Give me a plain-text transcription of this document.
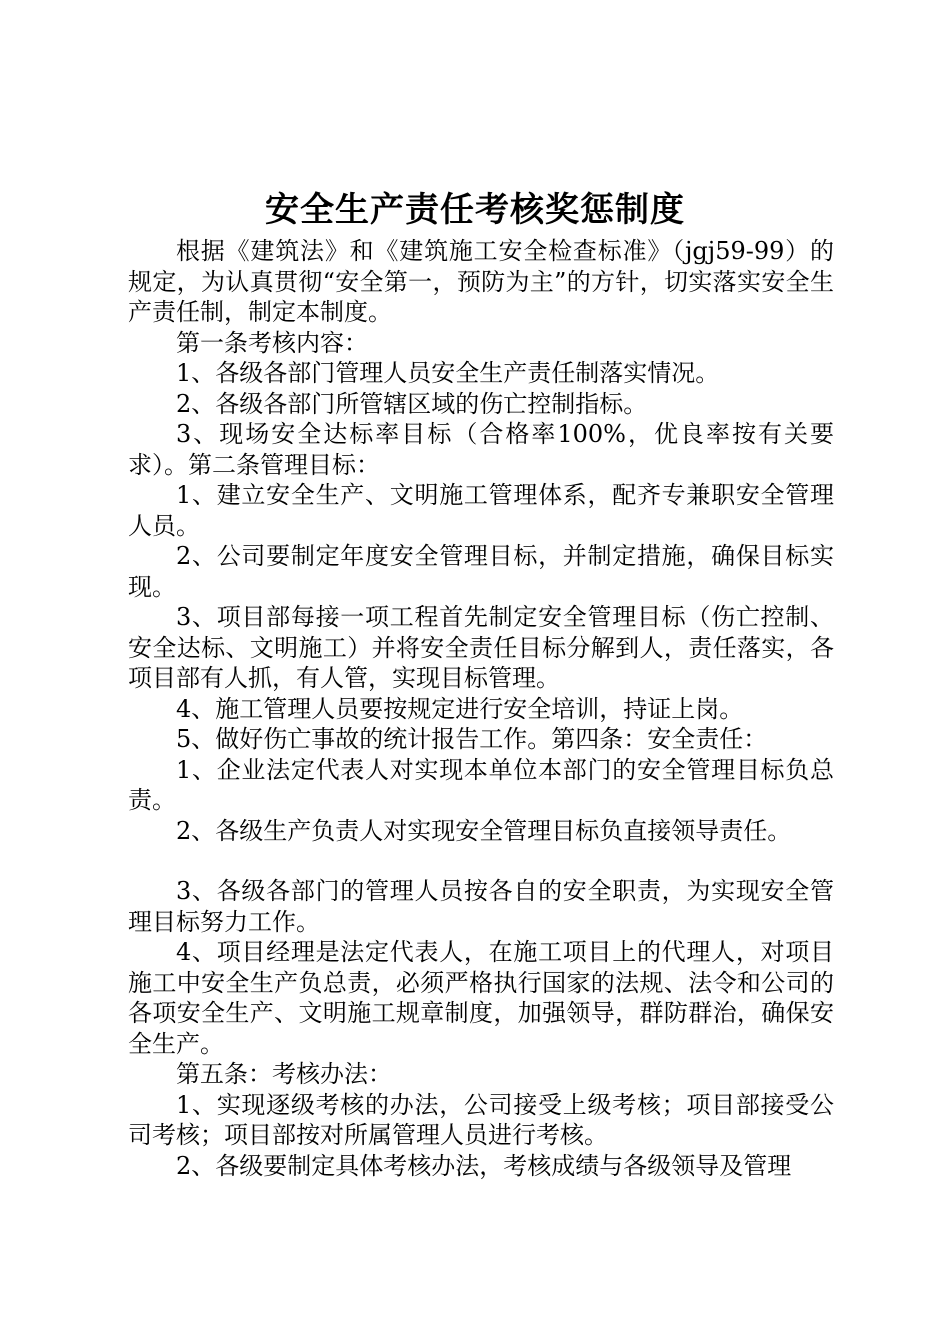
安全生产责任考核奖惩制度

根据《建筑法》和《建筑施工安全检查标准》（jgj59-99）的规定，为认真贯彻“安全第一，预防为主”的方针，切实落实安全生产责任制，制定本制度。

第一条考核内容：

1、各级各部门管理人员安全生产责任制落实情况。

2、各级各部门所管辖区域的伤亡控制指标。

3、现场安全达标率目标（合格率100%，优良率按有关要求）。第二条管理目标：

1、建立安全生产、文明施工管理体系，配齐专兼职安全管理人员。

2、公司要制定年度安全管理目标，并制定措施，确保目标实现。

3、项目部每接一项工程首先制定安全管理目标（伤亡控制、安全达标、文明施工）并将安全责任目标分解到人，责任落实，各项目部有人抓，有人管，实现目标管理。

4、施工管理人员要按规定进行安全培训，持证上岗。

5、做好伤亡事故的统计报告工作。第四条：安全责任：

1、企业法定代表人对实现本单位本部门的安全管理目标负总责。

2、各级生产负责人对实现安全管理目标负直接领导责任。

3、各级各部门的管理人员按各自的安全职责，为实现安全管理目标努力工作。

4、项目经理是法定代表人，在施工项目上的代理人，对项目施工中安全生产负总责，必须严格执行国家的法规、法令和公司的各项安全生产、文明施工规章制度，加强领导，群防群治，确保安全生产。

第五条：考核办法：

1、实现逐级考核的办法，公司接受上级考核；项目部接受公司考核；项目部按对所属管理人员进行考核。

2、各级要制定具体考核办法，考核成绩与各级领导及管理
